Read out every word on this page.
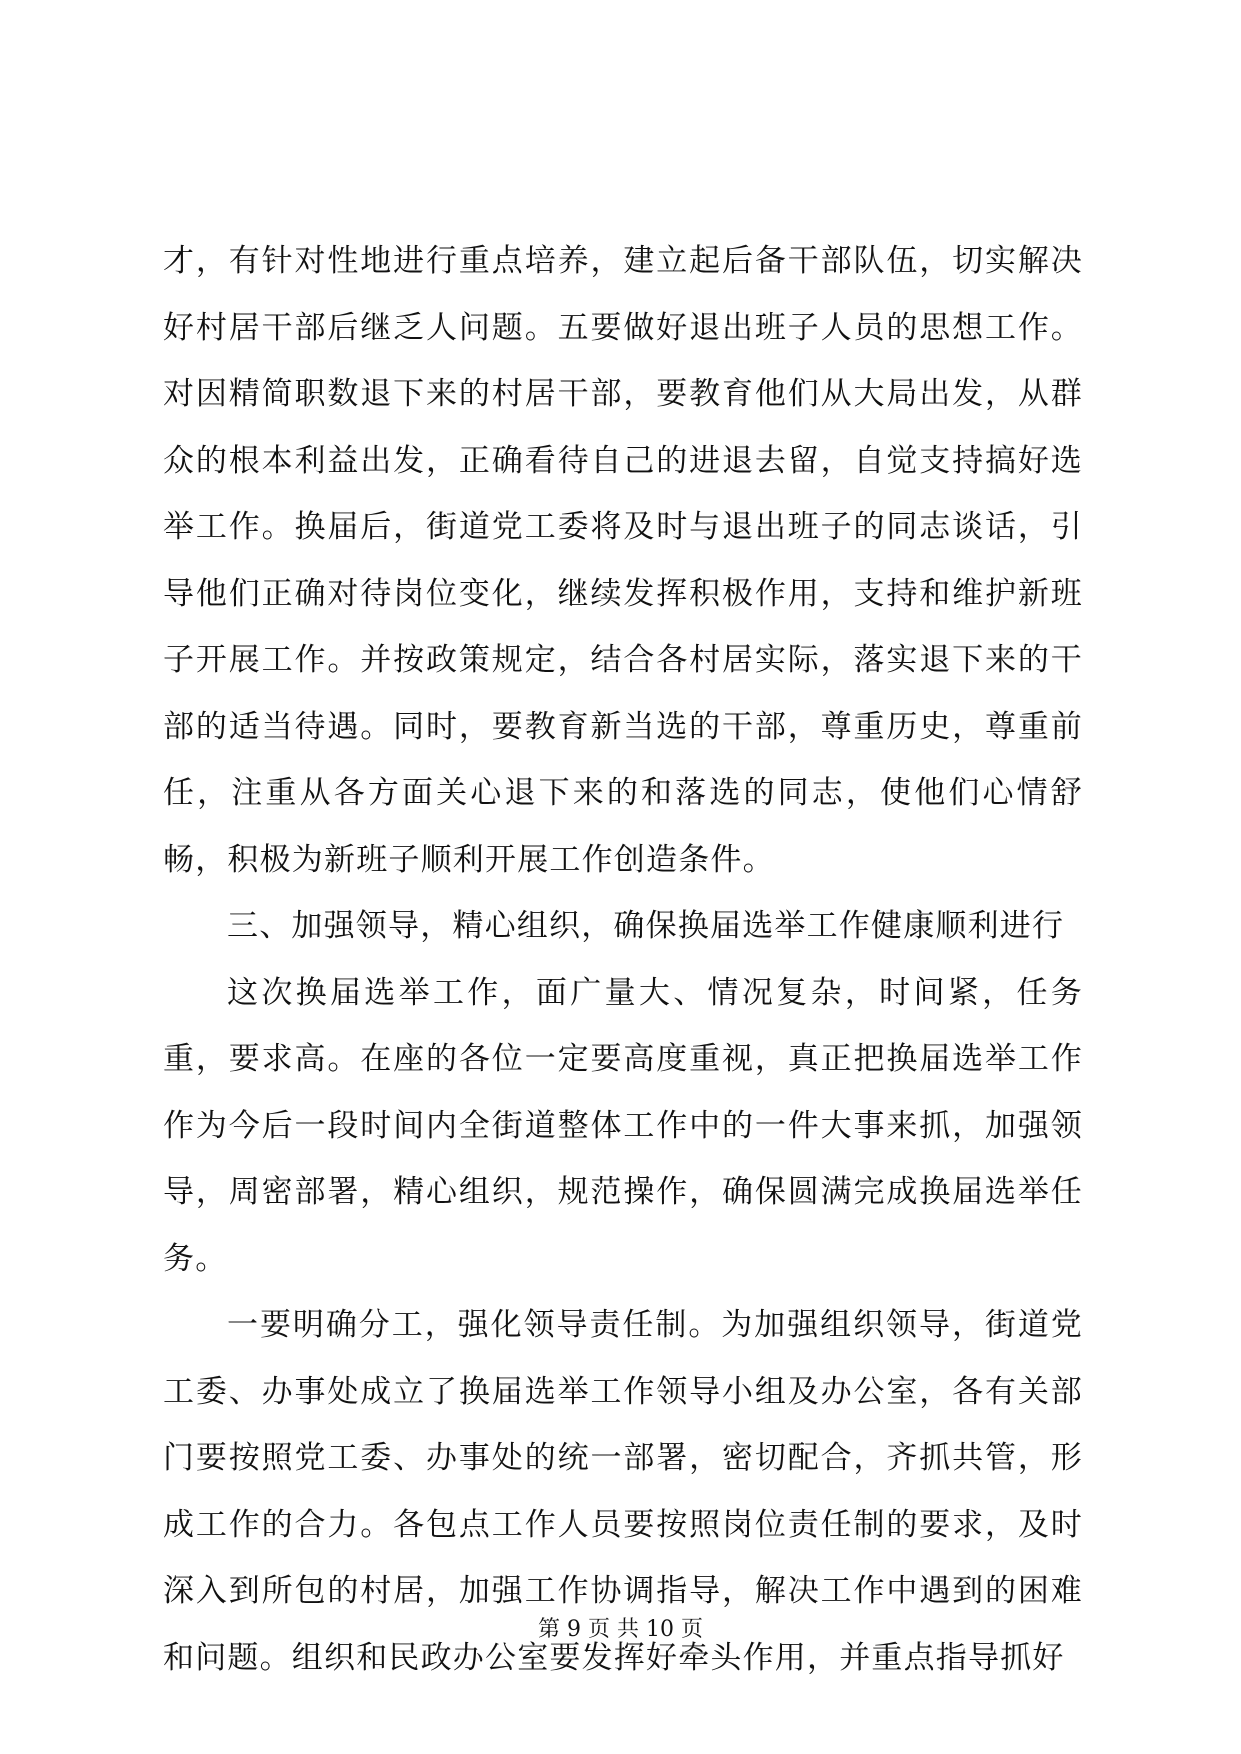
才，有针对性地进行重点培养，建立起后备干部队伍，切实解决好村居干部后继乏人问题。五要做好退出班子人员的思想工作。对因精简职数退下来的村居干部，要教育他们从大局出发，从群众的根本利益出发，正确看待自己的进退去留，自觉支持搞好选举工作。换届后，街道党工委将及时与退出班子的同志谈话，引导他们正确对待岗位变化，继续发挥积极作用，支持和维护新班子开展工作。并按政策规定，结合各村居实际，落实退下来的干部的适当待遇。同时，要教育新当选的干部，尊重历史，尊重前任，注重从各方面关心退下来的和落选的同志，使他们心情舒畅，积极为新班子顺利开展工作创造条件。

三、加强领导，精心组织，确保换届选举工作健康顺利进行

这次换届选举工作，面广量大、情况复杂，时间紧，任务重，要求高。在座的各位一定要高度重视，真正把换届选举工作作为今后一段时间内全街道整体工作中的一件大事来抓，加强领导，周密部署，精心组织，规范操作，确保圆满完成换届选举任务。

一要明确分工，强化领导责任制。为加强组织领导，街道党工委、办事处成立了换届选举工作领导小组及办公室，各有关部门要按照党工委、办事处的统一部署，密切配合，齐抓共管，形成工作的合力。各包点工作人员要按照岗位责任制的要求，及时深入到所包的村居，加强工作协调指导，解决工作中遇到的困难和问题。组织和民政办公室要发挥好牵头作用，并重点指导抓好

第 9 页 共 10 页
